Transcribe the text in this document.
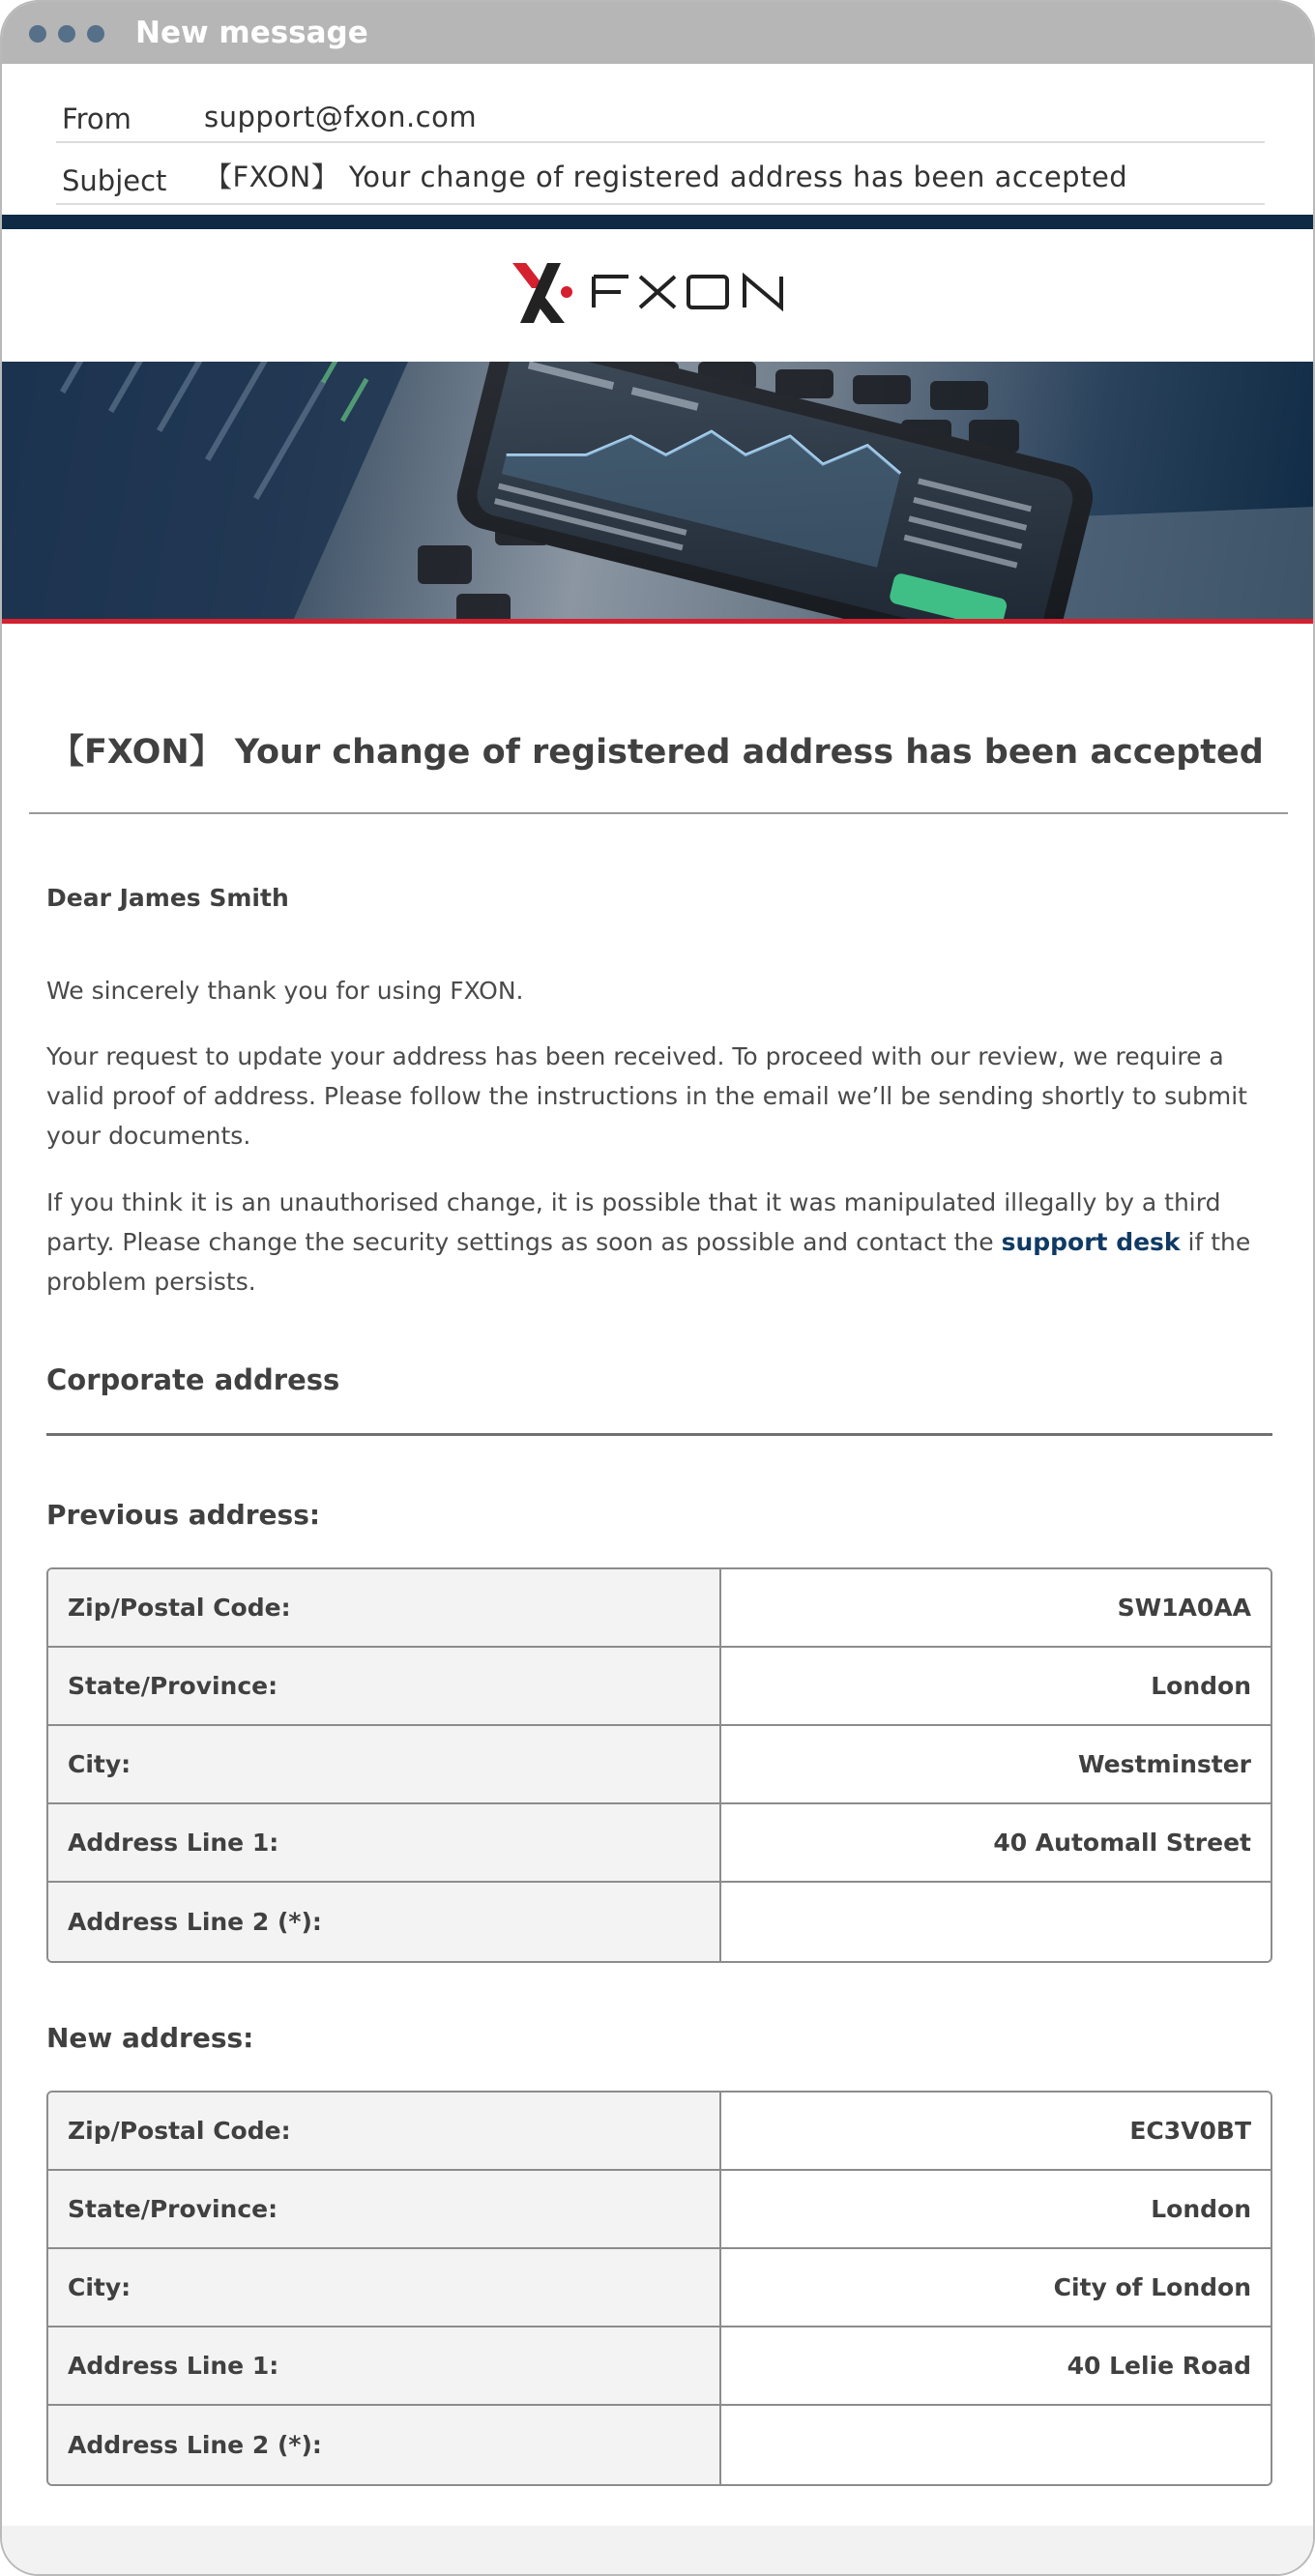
New message
From	support@fxon.com
Subject 【FXON】 Your change of registered address has been accepted
【FXON】 Your change of registered address has been accepted
Dear James Smith

We sincerely thank you for using FXON.

Your request to update your address has been received. To proceed with our review, we require a valid proof of address. Please follow the instructions in the email we’ll be sending shortly to submit your documents.

If you think it is an unauthorised change, it is possible that it was manipulated illegally by a third party. Please change the security settings as soon as possible and contact the support desk if the problem persists.

Corporate address
Previous address:
Zip/Postal Code:	SW1A0AA
State/Province:	London
City:	Westminster
Address Line 1:	40 Automall Street
Address Line 2 (*):	
New address:
Zip/Postal Code:	EC3V0BT
State/Province:	London
City:	City of London
Address Line 1:	40 Lelie Road
Address Line 2 (*):	
